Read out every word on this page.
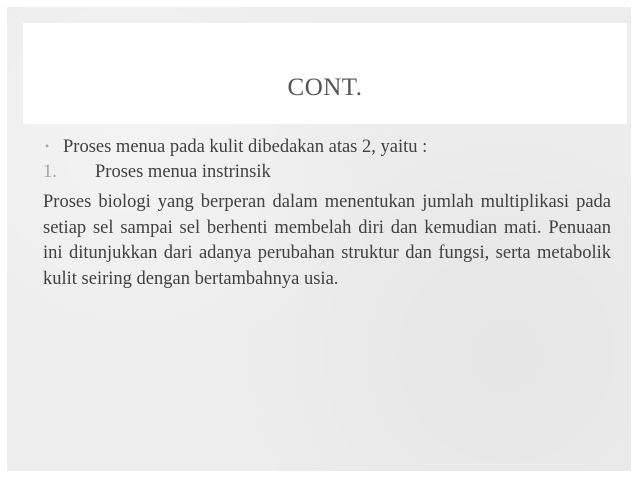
CONT.
• Proses menua pada kulit dibedakan atas 2, yaitu :
1. Proses menua instrinsik

Proses biologi yang berperan dalam menentukan jumlah multiplikasi pada setiap sel sampai sel berhenti membelah diri dan kemudian mati. Penuaan ini ditunjukkan dari adanya perubahan struktur dan fungsi, serta metabolik kulit seiring dengan bertambahnya usia.
